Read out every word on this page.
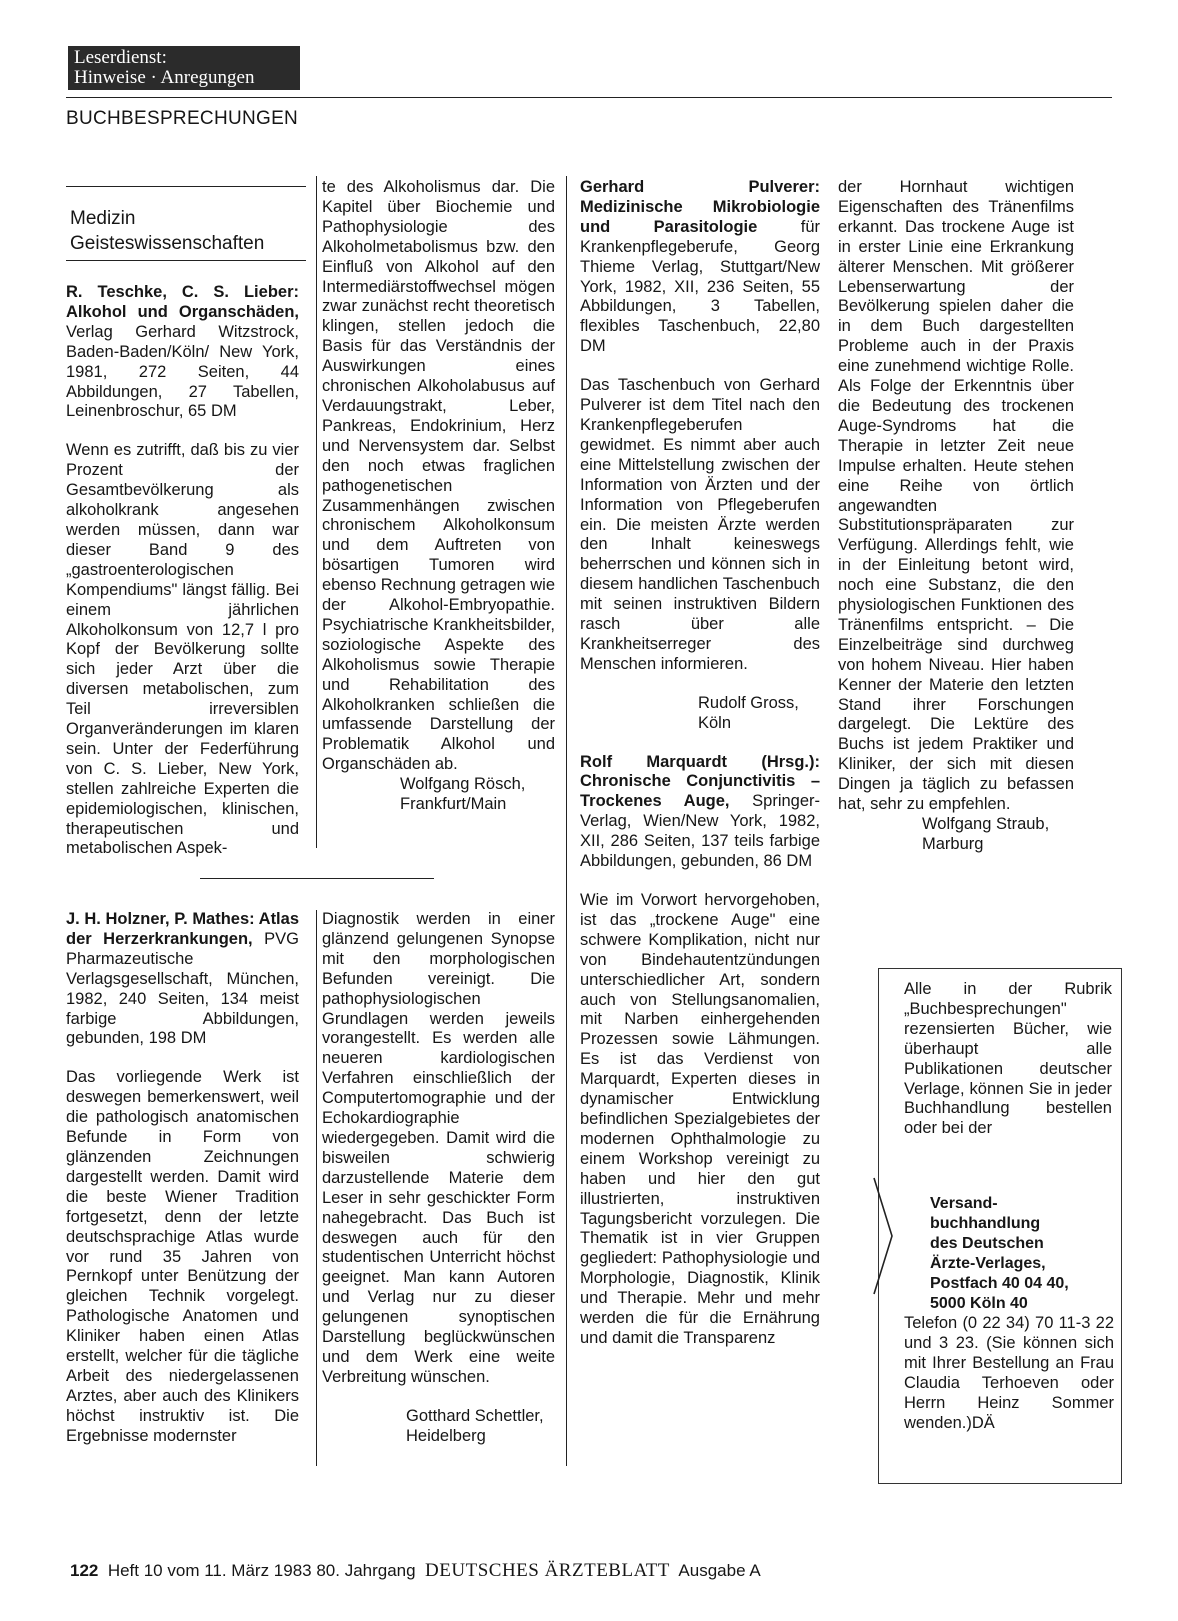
Leserdienst:
Hinweise · Anregungen
BUCHBESPRECHUNGEN
Medizin
Geisteswissenschaften

R. Teschke, C. S. Lieber: Alkohol und Organschäden, Verlag Gerhard Witzstrock, Baden-Baden/Köln/ New York, 1981, 272 Seiten, 44 Abbildungen, 27 Tabellen, Leinenbroschur, 65 DM

Wenn es zutrifft, daß bis zu vier Prozent der Gesamtbevölkerung als alkoholkrank angesehen werden müssen, dann war dieser Band 9 des „gastroenterologischen Kompendiums" längst fällig. Bei einem jährlichen Alkoholkonsum von 12,7 l pro Kopf der Bevölkerung sollte sich jeder Arzt über die diversen metabolischen, zum Teil irreversiblen Organveränderungen im klaren sein. Unter der Federführung von C. S. Lieber, New York, stellen zahlreiche Experten die epidemiologischen, klinischen, therapeutischen und metabolischen Aspek-

te des Alkoholismus dar. Die Kapitel über Biochemie und Pathophysiologie des Alkoholmetabolismus bzw. den Einfluß von Alkohol auf den Intermediärstoffwechsel mögen zwar zunächst recht theoretisch klingen, stellen jedoch die Basis für das Verständnis der Auswirkungen eines chronischen Alkoholabusus auf Verdauungstrakt, Leber, Pankreas, Endokrinium, Herz und Nervensystem dar. Selbst den noch etwas fraglichen pathogenetischen Zusammenhängen zwischen chronischem Alkoholkonsum und dem Auftreten von bösartigen Tumoren wird ebenso Rechnung getragen wie der Alkohol-Embryopathie. Psychiatrische Krankheitsbilder, soziologische Aspekte des Alkoholismus sowie Therapie und Rehabilitation des Alkoholkranken schließen die umfassende Darstellung der Problematik Alkohol und Organschäden ab.

Wolfgang Rösch,
Frankfurt/Main

J. H. Holzner, P. Mathes: Atlas der Herzerkrankungen, PVG Pharmazeutische Verlagsgesellschaft, München, 1982, 240 Seiten, 134 meist farbige Abbildungen, gebunden, 198 DM

Das vorliegende Werk ist deswegen bemerkenswert, weil die pathologisch anatomischen Befunde in Form von glänzenden Zeichnungen dargestellt werden. Damit wird die beste Wiener Tradition fortgesetzt, denn der letzte deutschsprachige Atlas wurde vor rund 35 Jahren von Pernkopf unter Benützung der gleichen Technik vorgelegt. Pathologische Anatomen und Kliniker haben einen Atlas erstellt, welcher für die tägliche Arbeit des niedergelassenen Arztes, aber auch des Klinikers höchst instruktiv ist. Die Ergebnisse modernster

Diagnostik werden in einer glänzend gelungenen Synopse mit den morphologischen Befunden vereinigt. Die pathophysiologischen Grundlagen werden jeweils vorangestellt. Es werden alle neueren kardiologischen Verfahren einschließlich der Computertomographie und der Echokardiographie wiedergegeben. Damit wird die bisweilen schwierig darzustellende Materie dem Leser in sehr geschickter Form nahegebracht. Das Buch ist deswegen auch für den studentischen Unterricht höchst geeignet. Man kann Autoren und Verlag nur zu dieser gelungenen synoptischen Darstellung beglückwünschen und dem Werk eine weite Verbreitung wünschen.

Gotthard Schettler,
Heidelberg

Gerhard Pulverer: Medizinische Mikrobiologie und Parasitologie für Krankenpflegeberufe, Georg Thieme Verlag, Stuttgart/New York, 1982, XII, 236 Seiten, 55 Abbildungen, 3 Tabellen, flexibles Taschenbuch, 22,80 DM

Das Taschenbuch von Gerhard Pulverer ist dem Titel nach den Krankenpflegeberufen gewidmet. Es nimmt aber auch eine Mittelstellung zwischen der Information von Ärzten und der Information von Pflegeberufen ein. Die meisten Ärzte werden den Inhalt keineswegs beherrschen und können sich in diesem handlichen Taschenbuch mit seinen instruktiven Bildern rasch über alle Krankheitserreger des Menschen informieren.

Rudolf Gross,
Köln

Rolf Marquardt (Hrsg.): Chronische Conjunctivitis – Trockenes Auge, Springer-Verlag, Wien/New York, 1982, XII, 286 Seiten, 137 teils farbige Abbildungen, gebunden, 86 DM

Wie im Vorwort hervorgehoben, ist das „trockene Auge" eine schwere Komplikation, nicht nur von Bindehautentzündungen unterschiedlicher Art, sondern auch von Stellungsanomalien, mit Narben einhergehenden Prozessen sowie Lähmungen. Es ist das Verdienst von Marquardt, Experten dieses in dynamischer Entwicklung befindlichen Spezialgebietes der modernen Ophthalmologie zu einem Workshop vereinigt zu haben und hier den gut illustrierten, instruktiven Tagungsbericht vorzulegen. Die Thematik ist in vier Gruppen gegliedert: Pathophysiologie und Morphologie, Diagnostik, Klinik und Therapie. Mehr und mehr werden die für die Ernährung und damit die Transparenz

der Hornhaut wichtigen Eigenschaften des Tränenfilms erkannt. Das trockene Auge ist in erster Linie eine Erkrankung älterer Menschen. Mit größerer Lebenserwartung der Bevölkerung spielen daher die in dem Buch dargestellten Probleme auch in der Praxis eine zunehmend wichtige Rolle. Als Folge der Erkenntnis über die Bedeutung des trockenen Auge-Syndroms hat die Therapie in letzter Zeit neue Impulse erhalten. Heute stehen eine Reihe von örtlich angewandten Substitutionspräparaten zur Verfügung. Allerdings fehlt, wie in der Einleitung betont wird, noch eine Substanz, die den physiologischen Funktionen des Tränenfilms entspricht. – Die Einzelbeiträge sind durchweg von hohem Niveau. Hier haben Kenner der Materie den letzten Stand ihrer Forschungen dargelegt. Die Lektüre des Buchs ist jedem Praktiker und Kliniker, der sich mit diesen Dingen ja täglich zu befassen hat, sehr zu empfehlen.

Wolfgang Straub,
Marburg
Alle in der Rubrik „Buchbesprechungen" rezensierten Bücher, wie überhaupt alle Publikationen deutscher Verlage, können Sie in jeder Buchhandlung bestellen oder bei der
Versand-
buchhandlung
des Deutschen
Ärzte-Verlages,
Postfach 40 04 40,
5000 Köln 40
Telefon (0 22 34) 70 11-3 22 und 3 23. (Sie können sich mit Ihrer Bestellung an Frau Claudia Terhoeven oder Herrn Heinz Sommer wenden.)DÄ
122 Heft 10 vom 11. März 1983 80. Jahrgang DEUTSCHES ÄRZTEBLATT Ausgabe A
